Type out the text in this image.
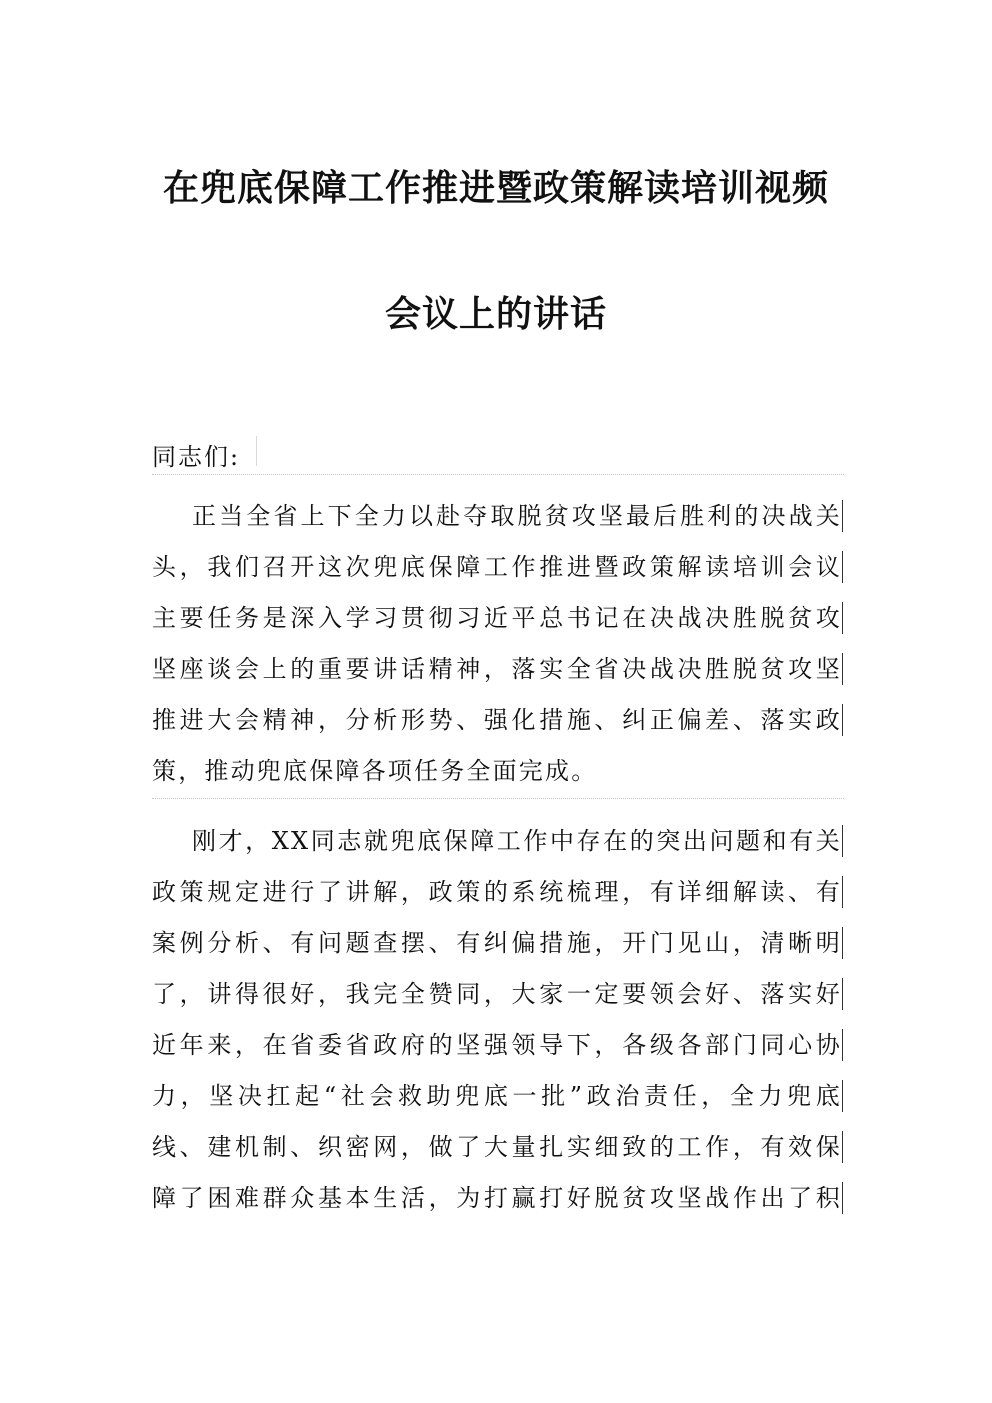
在兜底保障工作推进暨政策解读培训视频
会议上的讲话
同志们:
正当全省上下全力以赴夺取脱贫攻坚最后胜利的决战关
头，我们召开这次兜底保障工作推进暨政策解读培训会议
主要任务是深入学习贯彻习近平总书记在决战决胜脱贫攻
坚座谈会上的重要讲话精神，落实全省决战决胜脱贫攻坚
推进大会精神，分析形势、强化措施、纠正偏差、落实政
策，推动兜底保障各项任务全面完成。
刚才，XX同志就兜底保障工作中存在的突出问题和有关
政策规定进行了讲解，政策的系统梳理，有详细解读、有
案例分析、有问题查摆、有纠偏措施，开门见山，清晰明
了，讲得很好，我完全赞同，大家一定要领会好、落实好
近年来，在省委省政府的坚强领导下，各级各部门同心协
力，坚决扛起“社会救助兜底一批”政治责任，全力兜底
线、建机制、织密网，做了大量扎实细致的工作，有效保
障了困难群众基本生活，为打赢打好脱贫攻坚战作出了积
